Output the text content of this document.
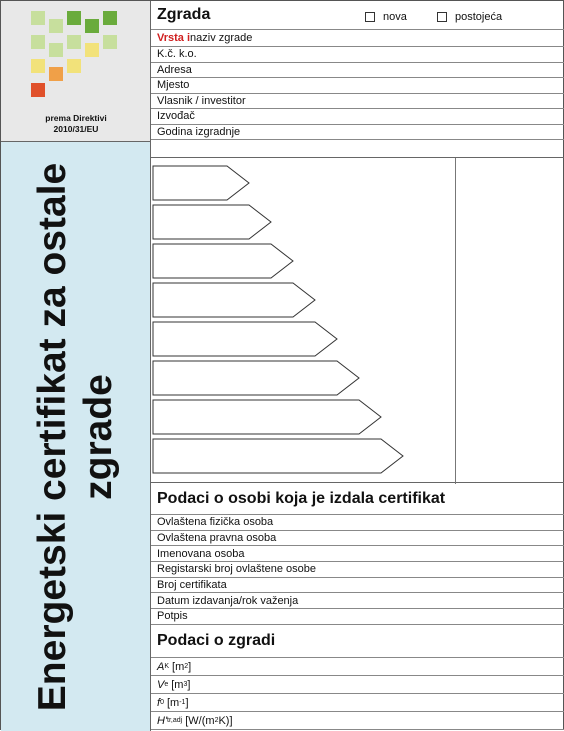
prema Direktivi
2010/31/EU
Energetski certifikat za ostale zgrade
Zgrada	nova	postojeća
Vrsta i naziv zgrade
K.č. k.o.
Adresa
Mjesto
Vlasnik / investitor
Izvođač
Godina izgradnje
Podaci o osobi koja je izdala certifikat
Ovlaštena fizička osoba
Ovlaštena pravna osoba
Imenovana osoba
Registarski broj ovlaštene osobe
Broj certifikata
Datum izdavanja/rok važenja
Potpis
Podaci o zgradi
A K [m 2 ]
V e [m 3 ]
f 0 [m -1 ]
H' tr,adj [W/(m 2 K)]
